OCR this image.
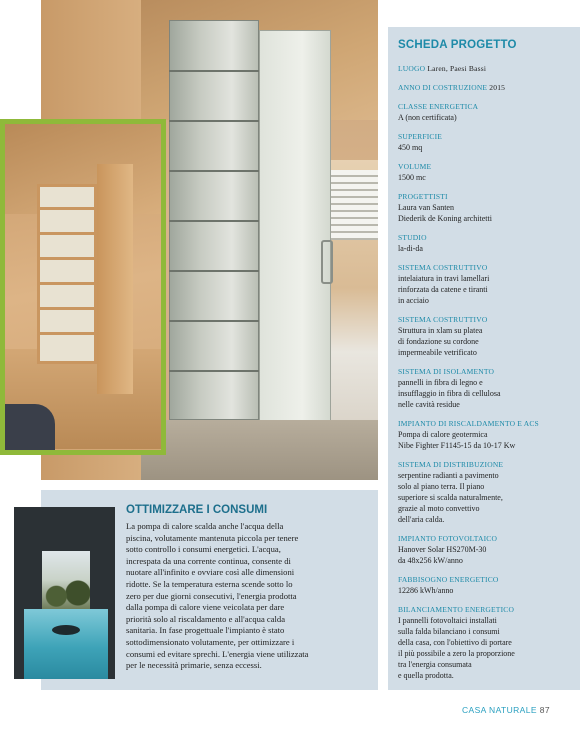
SCHEDA PROGETTO
LUOGO Laren, Paesi Bassi
ANNO DI COSTRUZIONE 2015
CLASSE ENERGETICA
A (non certificata)
SUPERFICIE
450 mq
VOLUME
1500 mc
PROGETTISTI
Laura van Santen
Diederik de Koning architetti
STUDIO
la-di-da
SISTEMA COSTRUTTIVO
intelaiatura in travi lamellari
rinforzata da catene e tiranti
in acciaio
SISTEMA COSTRUTTIVO
Struttura in xlam su platea
di fondazione su cordone
impermeabile vetrificato
SISTEMA DI ISOLAMENTO
pannelli in fibra di legno e
insufflaggio in fibra di cellulosa
nelle cavità residue
IMPIANTO DI RISCALDAMENTO E ACS
Pompa di calore geotermica
Nibe Fighter F1145-15 da 10-17 Kw
SISTEMA DI DISTRIBUZIONE
serpentine radianti a pavimento
solo al piano terra. Il piano
superiore si scalda naturalmente,
grazie al moto convettivo
dell'aria calda.
IMPIANTO FOTOVOLTAICO
Hanover Solar HS270M-30
da 48x256 kW/anno
FABBISOGNO ENERGETICO
12286 kWh/anno
BILANCIAMENTO ENERGETICO
I pannelli fotovoltaici installati
sulla falda bilanciano i consumi
della casa, con l'obiettivo di portare
il più possibile a zero la proporzione
tra l'energia consumata
e quella prodotta.
OTTIMIZZARE I CONSUMI
La pompa di calore scalda anche l'acqua della
piscina, volutamente mantenuta piccola per tenere
sotto controllo i consumi energetici. L'acqua,
increspata da una corrente continua, consente di
nuotare all'infinito e ovviare così alle dimensioni
ridotte. Se la temperatura esterna scende sotto lo
zero per due giorni consecutivi, l'energia prodotta
dalla pompa di calore viene veicolata per dare
priorità solo al riscaldamento e all'acqua calda
sanitaria. In fase progettuale l'impianto è stato
sottodimensionato volutamente, per ottimizzare i
consumi ed evitare sprechi. L'energia viene utilizzata
per le necessità primarie, senza eccessi.
CASA NATURALE 87
